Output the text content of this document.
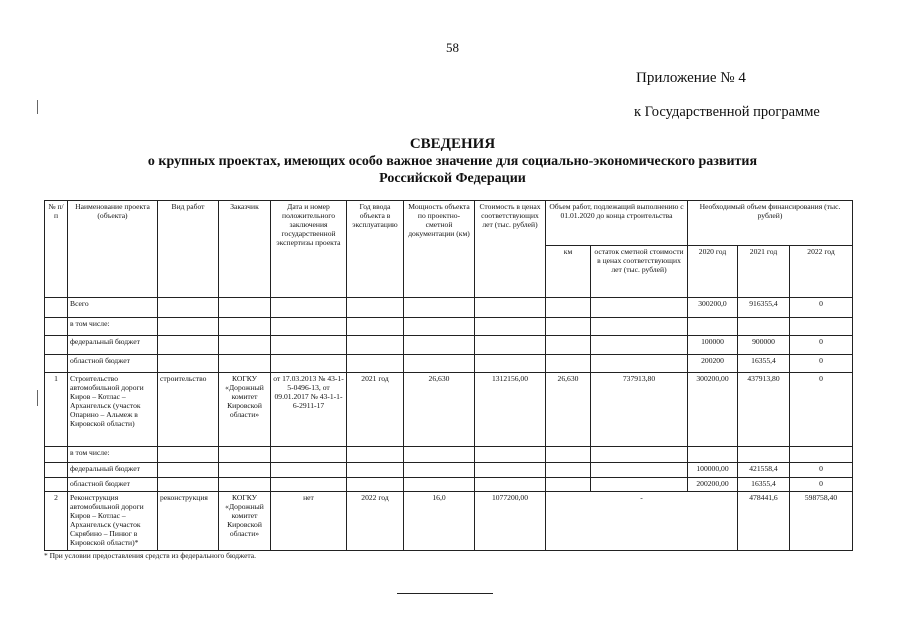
58
Приложение № 4
к Государственной программе
СВЕДЕНИЯ
о крупных проектах, имеющих особо важное значение для социально-экономического развития
Российской Федерации
№ п/п	Наименование проекта (объекта)	Вид работ	Заказчик	Дата и номер положительного заключения государственной экспертизы проекта	Год ввода объекта в эксплуатацию	Мощность объекта по проектно-сметной документации (км)	Стоимость в ценах соответствующих лет (тыс. рублей)	Объем работ, подлежащий выполнению с 01.01.2020 до конца строительства		Необходимый объем финансирования (тыс. рублей)		
								км	остаток сметной стоимости в ценах соответствующих лет (тыс. рублей)	2020 год	2021 год	2022 год
	Всего									300200,0	916355,4	0
	в том числе:											
	федеральный бюджет									100000	900000	0
	областной бюджет									200200	16355,4	0
1	Строительство автомобильной дороги Киров – Котлас – Архангельск (участок Опарино – Альмеж в Кировской области)	строительство	КОГКУ «Дорожный комитет Кировской области»	от 17.03.2013 № 43-1-5-0496-13, от 09.01.2017 № 43-1-1-6-2911-17	2021 год	26,630	1312156,00	26,630	737913,80	300200,00	437913,80	0
	в том числе:											
	федеральный бюджет									100000,00	421558,4	0
	областной бюджет									200200,00	16355,4	0
2	Реконструкция автомобильной дороги Киров – Котлас – Архангельск (участок Скрябино – Пинюг в Кировской области)*	реконструкция	КОГКУ «Дорожный комитет Кировской области»	нет	2022 год	16,0	1077200,00	-			478441,6	598758,40
* При условии предоставления средств из федерального бюджета.
